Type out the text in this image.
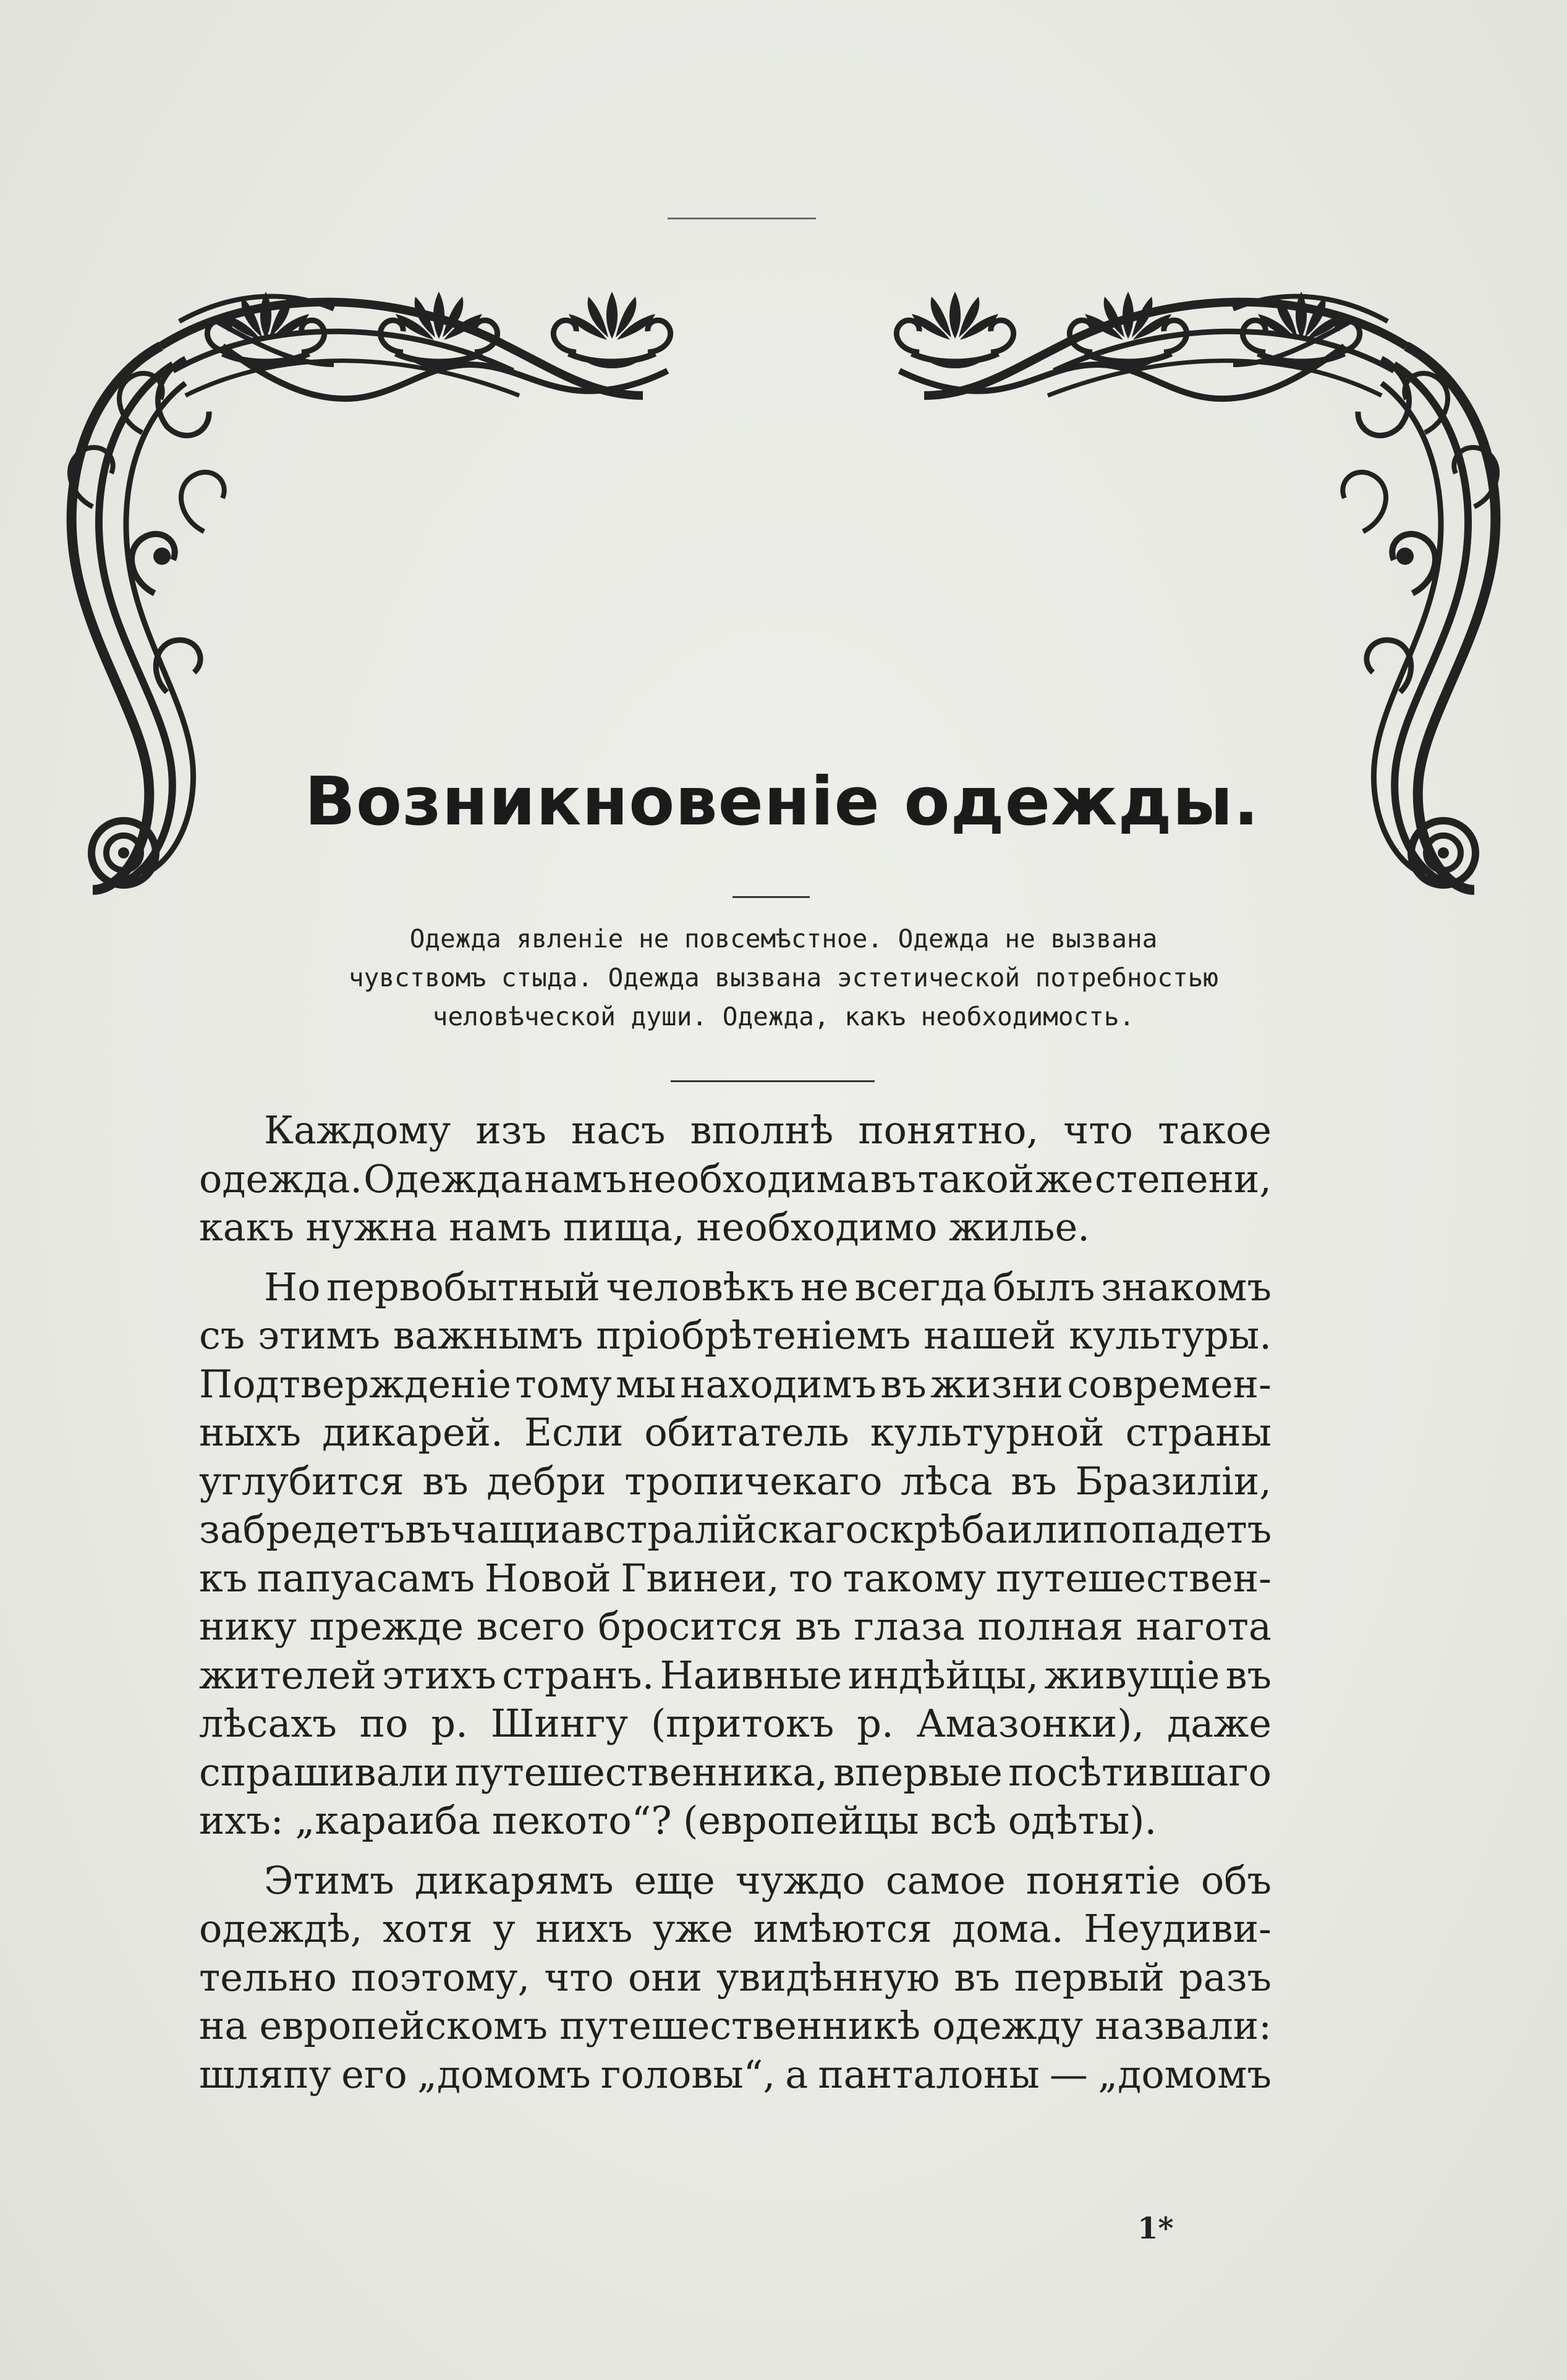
Возникновеніе одежды.
Одежда явленіе не повсемѣстное. Одежда не вызвана
чувствомъ стыда. Одежда вызвана эстетической потребностью
человѣческой души. Одежда, какъ необходимость.
Каждому изъ насъ вполнѣ понятно, что такое
одежда. Одежда намъ необходима въ такой же степени,
какъ нужна намъ пища, необходимо жилье.
Но первобытный человѣкъ не всегда былъ знакомъ
съ этимъ важнымъ пріобрѣтеніемъ нашей культуры.
Подтвержденіе тому мы находимъ въ жизни современ-
ныхъ дикарей. Если обитатель культурной страны
углубится въ дебри тропичекаго лѣса въ Бразиліи,
забредетъ въ чащи австралійскаго скрѣба или попадетъ
къ папуасамъ Новой Гвинеи, то такому путешествен-
нику прежде всего бросится въ глаза полная нагота
жителей этихъ странъ. Наивные индѣйцы, живущіе въ
лѣсахъ по р. Шингу (притокъ р. Амазонки), даже
спрашивали путешественника, впервые посѣтившаго
ихъ: „караиба пекото“? (европейцы всѣ одѣты).
Этимъ дикарямъ еще чуждо самое понятіе объ
одеждѣ, хотя у нихъ уже имѣются дома. Неудиви-
тельно поэтому, что они увидѣнную въ первый разъ
на европейскомъ путешественникѣ одежду назвали:
шляпу его „домомъ головы“, а панталоны — „домомъ
1*
